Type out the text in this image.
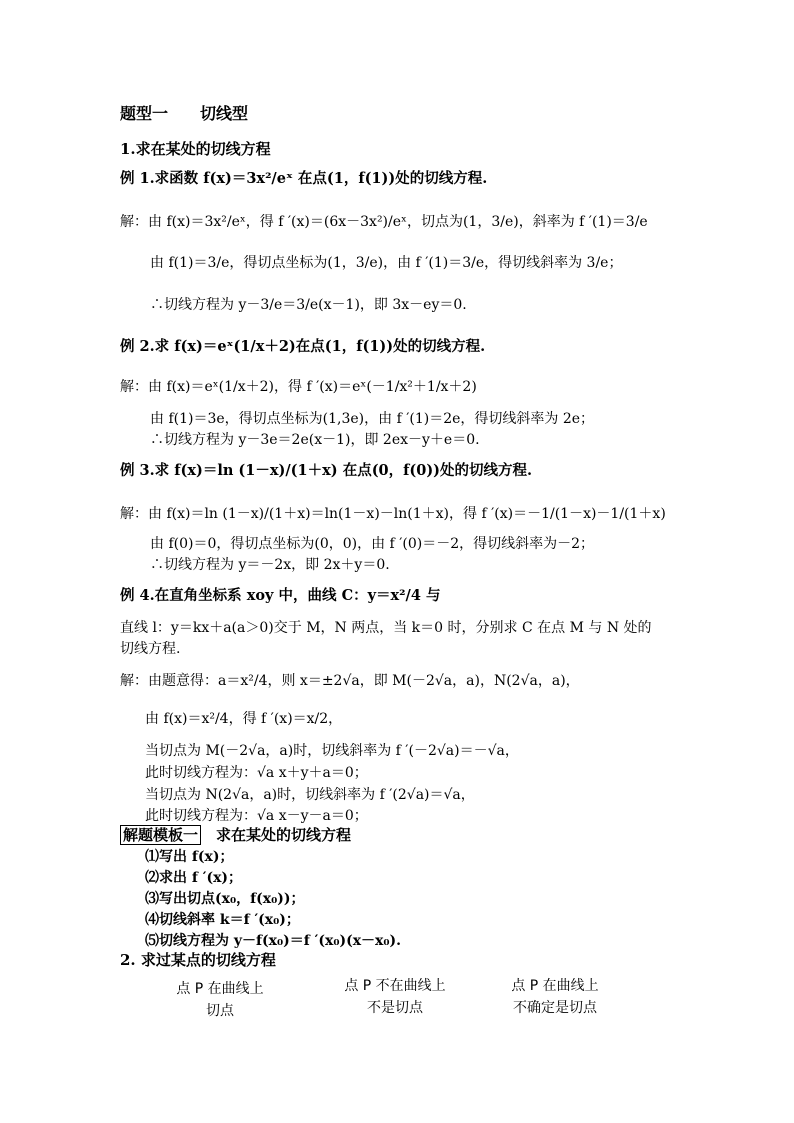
题型一　　切线型
1.求在某处的切线方程
例 1.求函数 f(x)＝3x²/eˣ 在点(1，f(1))处的切线方程.
解：由 f(x)＝3x²/eˣ，得 f ′(x)＝(6x－3x²)/eˣ，切点为(1，3/e)，斜率为 f ′(1)＝3/e
由 f(1)＝3/e，得切点坐标为(1，3/e)，由 f ′(1)＝3/e，得切线斜率为 3/e；
∴切线方程为 y－3/e＝3/e(x－1)，即 3x－ey＝0.
例 2.求 f(x)＝eˣ(1/x＋2)在点(1，f(1))处的切线方程.
解：由 f(x)＝eˣ(1/x＋2)，得 f ′(x)＝eˣ(－1/x²＋1/x＋2)
由 f(1)＝3e，得切点坐标为(1,3e)，由 f ′(1)＝2e，得切线斜率为 2e；
∴切线方程为 y－3e＝2e(x－1)，即 2ex－y＋e＝0.
例 3.求 f(x)＝ln (1－x)/(1＋x) 在点(0，f(0))处的切线方程.
解：由 f(x)＝ln (1－x)/(1＋x)＝ln(1－x)－ln(1＋x)，得 f ′(x)＝－1/(1－x)－1/(1＋x)
由 f(0)＝0，得切点坐标为(0，0)，由 f ′(0)＝－2，得切线斜率为－2；
∴切线方程为 y＝－2x，即 2x＋y＝0.
例 4.在直角坐标系 xoy 中，曲线 C：y＝x²/4 与
直线 l：y＝kx＋a(a＞0)交于 M，N 两点，当 k＝0 时，分别求 C 在点 M 与 N 处的
切线方程.
解：由题意得：a＝x²/4，则 x＝±2√a，即 M(－2√a，a)，N(2√a，a)，
由 f(x)＝x²/4，得 f ′(x)＝x/2，
当切点为 M(－2√a，a)时，切线斜率为 f ′(－2√a)＝－√a，
此时切线方程为：√a x＋y＋a＝0；
当切点为 N(2√a，a)时，切线斜率为 f ′(2√a)＝√a，
此时切线方程为：√a x－y－a＝0；
解题模板一　求在某处的切线方程
⑴写出 f(x)；
⑵求出 f ′(x)；
⑶写出切点(x₀，f(x₀))；
⑷切线斜率 k＝f ′(x₀)；
⑸切线方程为 y－f(x₀)＝f ′(x₀)(x－x₀).
2. 求过某点的切线方程
点 P 在曲线上
切点
点 P 不在曲线上
不是切点
点 P 在曲线上
不确定是切点
